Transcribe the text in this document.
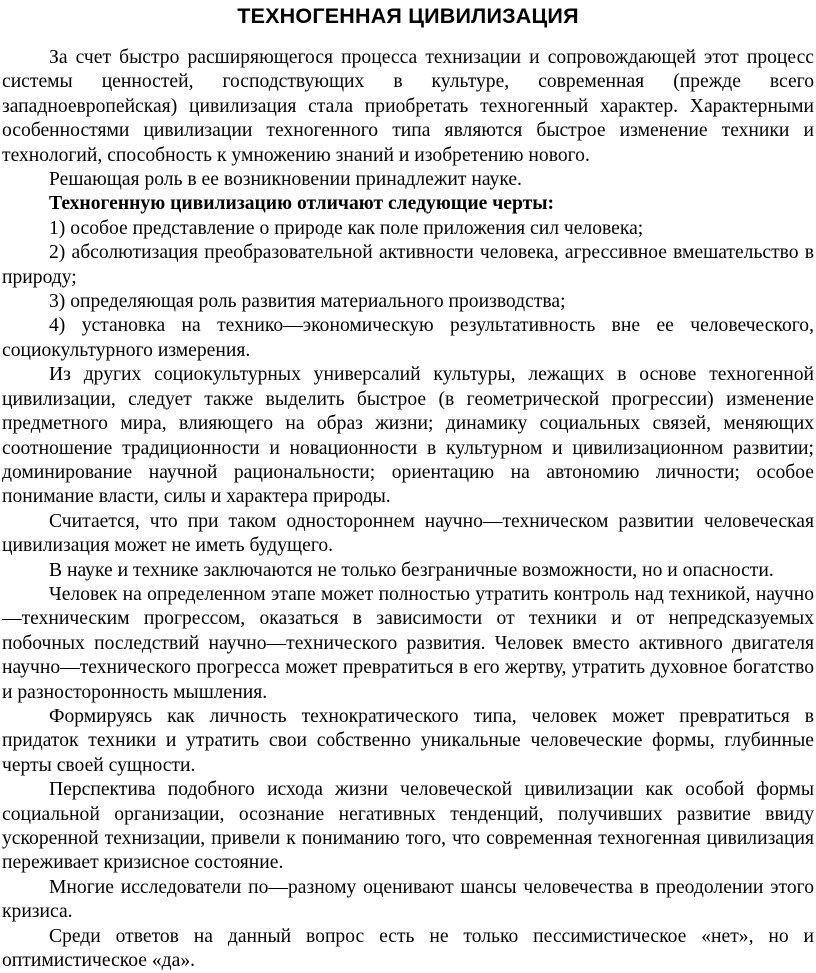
ТЕХНОГЕННАЯ ЦИВИЛИЗАЦИЯ

За счет быстро расширяющегося процесса технизации и сопровождающей этот процесс системы ценностей, господствующих в культуре, современная (прежде всего западноевропейская) цивилизация стала приобретать техногенный характер. Характерными особенностями цивилизации техногенного типа являются быстрое изменение техники и технологий, способность к умножению знаний и изобретению нового.

Решающая роль в ее возникновении принадлежит науке.

Техногенную цивилизацию отличают следующие черты:

1) особое представление о природе как поле приложения сил человека;

2) абсолютизация преобразовательной активности человека, агрессивное вмешательство в природу;

3) определяющая роль развития материального производства;

4) установка на технико—экономическую результативность вне ее человеческого, социокультурного измерения.

Из других социокультурных универсалий культуры, лежащих в основе техногенной цивилизации, следует также выделить быстрое (в геометрической прогрессии) изменение предметного мира, влияющего на образ жизни; динамику социальных связей, меняющих соотношение традиционности и новационности в культурном и цивилизационном развитии; доминирование научной рациональности; ориентацию на автономию личности; особое понимание власти, силы и характера природы.

Считается, что при таком одностороннем научно—техническом развитии человеческая цивилизация может не иметь будущего.

В науке и технике заключаются не только безграничные возможности, но и опасности.

Человек на определенном этапе может полностью утратить контроль над техникой, научно—техническим прогрессом, оказаться в зависимости от техники и от непредсказуемых побочных последствий научно—технического развития. Человек вместо активного двигателя научно—технического прогресса может превратиться в его жертву, утратить духовное богатство и разносторонность мышления.

Формируясь как личность технократического типа, человек может превратиться в придаток техники и утратить свои собственно уникальные человеческие формы, глубинные черты своей сущности.

Перспектива подобного исхода жизни человеческой цивилизации как особой формы социальной организации, осознание негативных тенденций, получивших развитие ввиду ускоренной технизации, привели к пониманию того, что современная техногенная цивилизация переживает кризисное состояние.

Многие исследователи по—разному оценивают шансы человечества в преодолении этого кризиса.

Среди ответов на данный вопрос есть не только пессимистическое «нет», но и оптимистическое «да».
